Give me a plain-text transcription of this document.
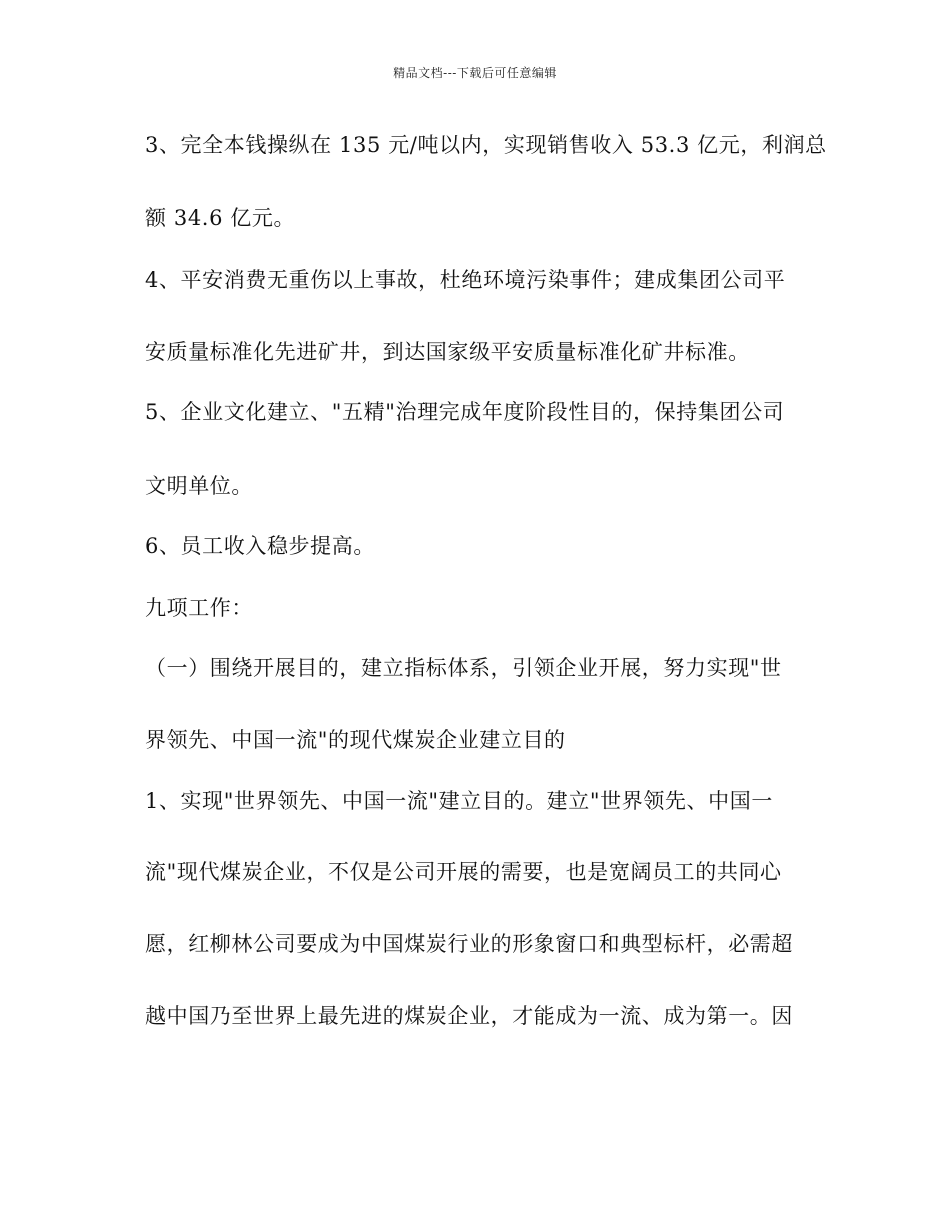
精品文档---下载后可任意编辑
3、完全本钱操纵在 135 元/吨以内，实现销售收入 53.3 亿元，利润总
额 34.6 亿元。
4、平安消费无重伤以上事故，杜绝环境污染事件；建成集团公司平
安质量标准化先进矿井，到达国家级平安质量标准化矿井标准。
5、企业文化建立、"五精"治理完成年度阶段性目的，保持集团公司
文明单位。
6、员工收入稳步提高。
九项工作：
（一）围绕开展目的，建立指标体系，引领企业开展，努力实现"世
界领先、中国一流"的现代煤炭企业建立目的
1、实现"世界领先、中国一流"建立目的。建立"世界领先、中国一
流"现代煤炭企业，不仅是公司开展的需要，也是宽阔员工的共同心
愿，红柳林公司要成为中国煤炭行业的形象窗口和典型标杆，必需超
越中国乃至世界上最先进的煤炭企业，才能成为一流、成为第一。因
